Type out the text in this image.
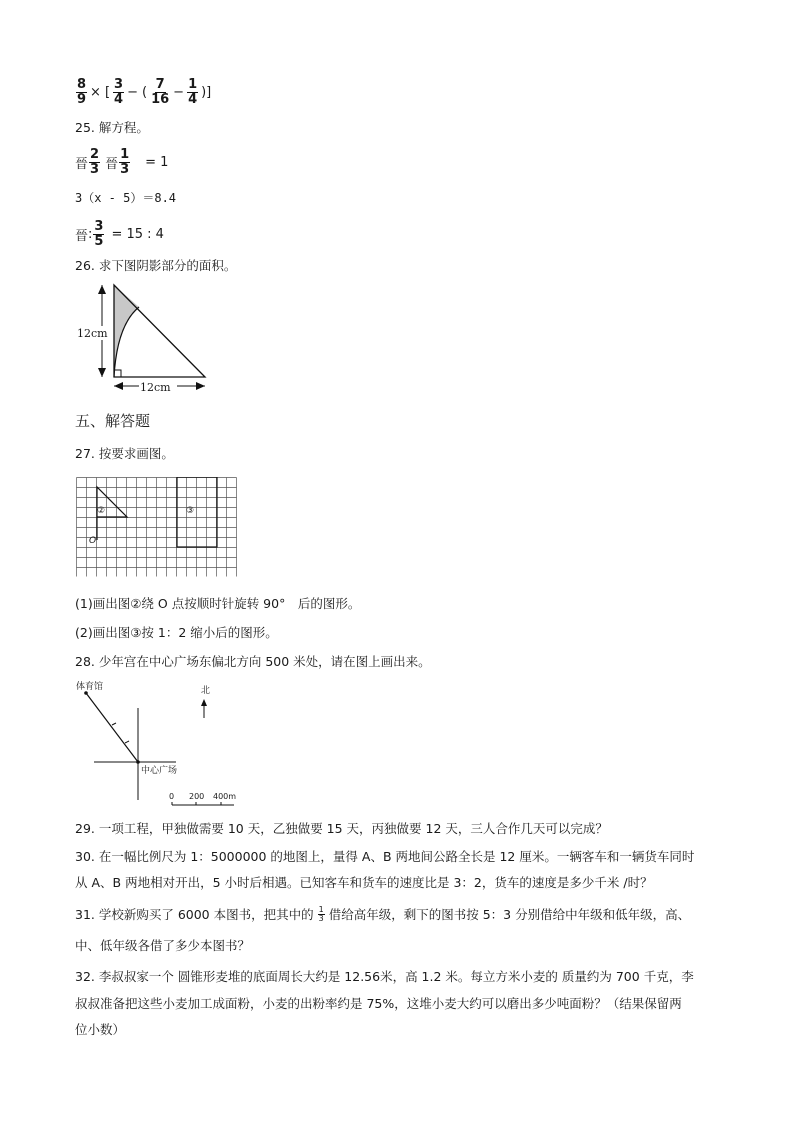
$\frac{8}{9}$ × [ $\frac{3}{4}$ − ( $\frac{7}{16} - \frac{1}{4}$ )]
25. 解方程。
晉 $\frac{2}{3}$ 晉 $\frac{1}{3} = 1$
3（x - 5）＝8.4
晉 : $\frac{3}{5} = 15$ : 4
26. 求下图阴影部分的面积。
12cm
12cm
五、解答题
27. 按要求画图。
②	③
O
(1)画出图②绕 O 点按顺时针旋转 90°　后的图形。
(2)画出图③按 1：2 缩小后的图形。
28. 少年宫在中心广场东偏北方向 500 米处，请在图上画出来。
体育馆	北
中心广场
0 200 400m
29. 一项工程，甲独做需要 10 天，乙独做要 15 天，丙独做要 12 天，三人合作几天可以完成？
30. 在一幅比例尺为 1：5000000 的地图上，量得 A、B 两地间公路全长是 12 厘米。一辆客车和一辆货车同时
从 A、B 两地相对开出，5 小时后相遇。已知客车和货车的速度比是 3：2，货车的速度是多少千米 /时？
31. 学校新购买了 6000 本图书，把其中的 $\frac{1}{3}$ 借给高年级，剩下的图书按 5：3 分别借给中年级和低年级，高、
中、低年级各借了多少本图书？
32. 李叔叔家一个 圆锥形麦堆的底面周长大约是 12.56米，高 1.2 米。每立方米小麦的 质量约为 700 千克，李
叔叔准备把这些小麦加工成面粉，小麦的出粉率约是 75%，这堆小麦大约可以磨出多少吨面粉？（结果保留两
位小数）
